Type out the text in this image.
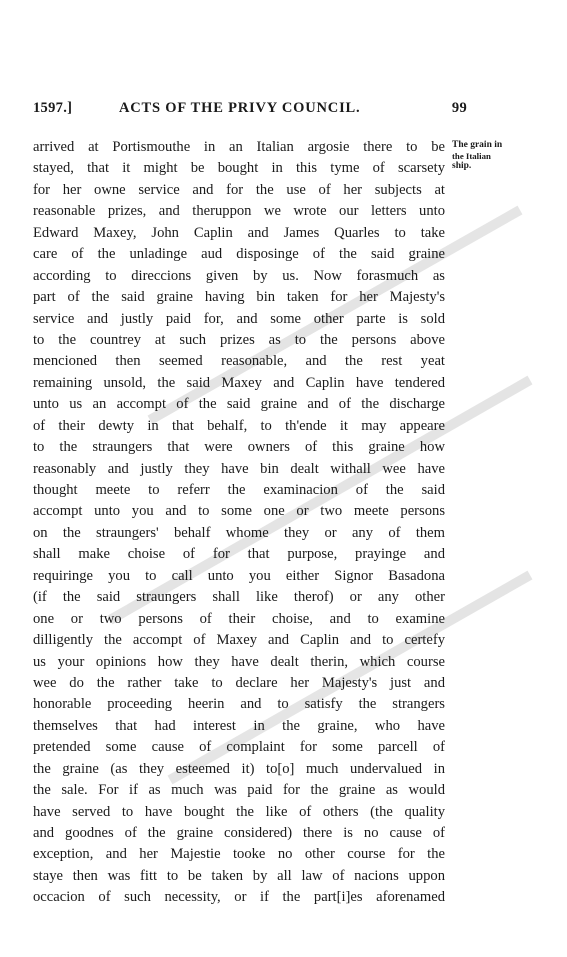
1597.]	ACTS OF THE PRIVY COUNCIL.	99
The grain in
the Italian
ship.
arrived at Portismouthe in an Italian argosie there to be
stayed, that it might be bought in this tyme of scarsety
for her owne service and for the use of her subjects at
reasonable prizes, and theruppon we wrote our letters unto
Edward Maxey, John Caplin and James Quarles to take
care of the unladinge aud disposinge of the said graine
according to direccions given by us. Now forasmuch as
part of the said graine having bin taken for her Majesty's
service and justly paid for, and some other parte is sold
to the countrey at such prizes as to the persons above
mencioned then seemed reasonable, and the rest yeat
remaining unsold, the said Maxey and Caplin have tendered
unto us an accompt of the said graine and of the discharge
of their dewty in that behalf, to th'ende it may appeare
to the straungers that were owners of this graine how
reasonably and justly they have bin dealt withall wee have
thought meete to referr the examinacion of the said
accompt unto you and to some one or two meete persons
on the straungers' behalf whome they or any of them
shall make choise of for that purpose, prayinge and
requiringe you to call unto you either Signor Basadona
(if the said straungers shall like therof) or any other
one or two persons of their choise, and to examine
dilligently the accompt of Maxey and Caplin and to certefy
us your opinions how they have dealt therin, which course
wee do the rather take to declare her Majesty's just and
honorable proceeding heerin and to satisfy the strangers
themselves that had interest in the graine, who have
pretended some cause of complaint for some parcell of
the graine (as they esteemed it) to[o] much undervalued in
the sale. For if as much was paid for the graine as would
have served to have bought the like of others (the quality
and goodnes of the graine considered) there is no cause of
exception, and her Majestie tooke no other course for the
staye then was fitt to be taken by all law of nacions uppon
occacion of such necessity, or if the part[i]es aforenamed
